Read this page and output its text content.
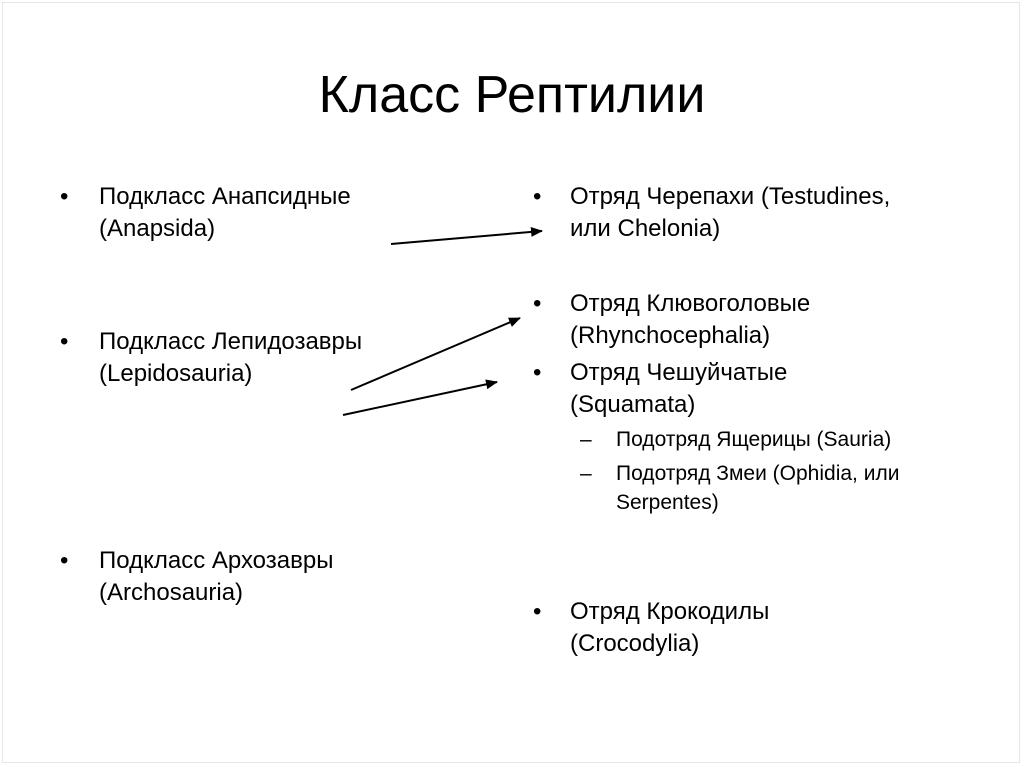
Класс Рептилии
• Подкласс Анапсидные
(Anapsida)
• Подкласс Лепидозавры
(Lepidosauria)
• Подкласс Архозавры
(Archosauria)
• Отряд Черепахи (Testudines,
или Chelonia)
• Отряд Клювоголовые
(Rhynchocephalia)
• Отряд Чешуйчатые
(Squamata)
– Подотряд Ящерицы (Sauria)
– Подотряд Змеи (Ophidia, или
Serpentes)
• Отряд Крокодилы
(Crocodylia)
